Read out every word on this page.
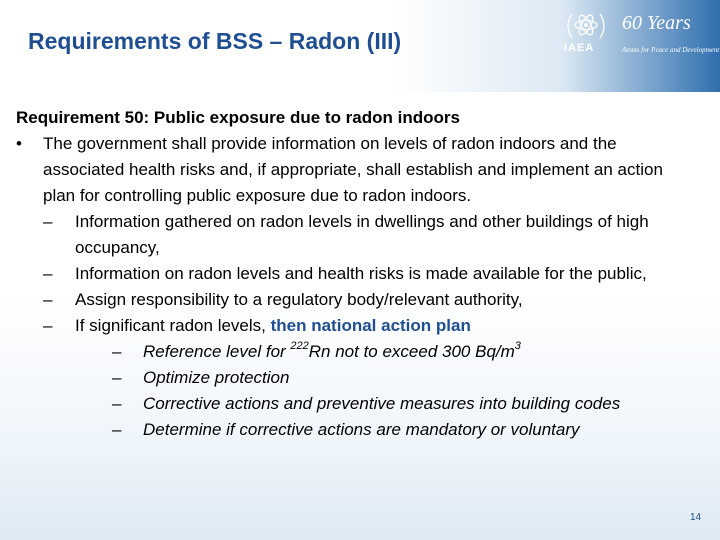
Requirements of BSS – Radon (III)
60 Years
IAEA	Atoms for Peace and Development
Requirement 50: Public exposure due to radon indoors
• The government shall provide information on levels of radon indoors and the associated health risks and, if appropriate, shall establish and implement an action plan for controlling public exposure due to radon indoors.
– Information gathered on radon levels in dwellings and other buildings of high occupancy,
– Information on radon levels and health risks is made available for the public,
– Assign responsibility to a regulatory body/relevant authority,
– If significant radon levels, then national action plan
– Reference level for $^{222}$Rn not to exceed 300 $Bq/m^3$
– Optimize protection
– Corrective actions and preventive measures into building codes
– Determine if corrective actions are mandatory or voluntary
14
